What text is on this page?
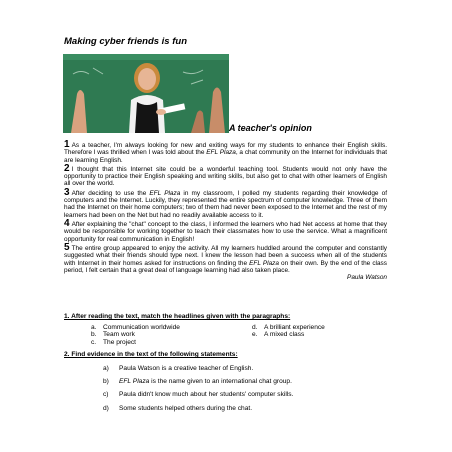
Making cyber friends is fun
A teacher's opinion

1 As a teacher, I'm always looking for new and exiting ways for my students to enhance their English skills. Therefore I was thrilled when I was told about the EFL Plaza, a chat community on the Internet for individuals that are learning English.

2 I thought that this Internet site could be a wonderful teaching tool. Students would not only have the opportunity to practice their English speaking and writing skills, but also get to chat with other learners of English all over the world.

3 After deciding to use the EFL Plaza in my classroom, I polled my students regarding their knowledge of computers and the Internet. Luckily, they represented the entire spectrum of computer knowledge. Three of them had the Internet on their home computers; two of them had never been exposed to the Internet and the rest of my learners had been on the Net but had no readily available access to it.

4 After explaining the "chat" concept to the class, I informed the learners who had Net access at home that they would be responsible for working together to teach their classmates how to use the service. What a magnificent opportunity for real communication in English!

5 The entire group appeared to enjoy the activity. All my learners huddled around the computer and constantly suggested what their friends should type next. I knew the lesson had been a success when all of the students with Internet in their homes asked for instructions on finding the EFL Plaza on their own. By the end of the class period, I felt certain that a great deal of language learning had also taken place.

Paula Watson
1. After reading the text, match the headlines given with the paragraphs:
a. Communication worldwide
b. Team work
c. The project
d. A brilliant experience
e. A mixed class
2. Find evidence in the text of the following statements:
a) Paula Watson is a creative teacher of English.
b) EFL Plaza is the name given to an international chat group.
c) Paula didn't know much about her students' computer skills.
d) Some students helped others during the chat.
